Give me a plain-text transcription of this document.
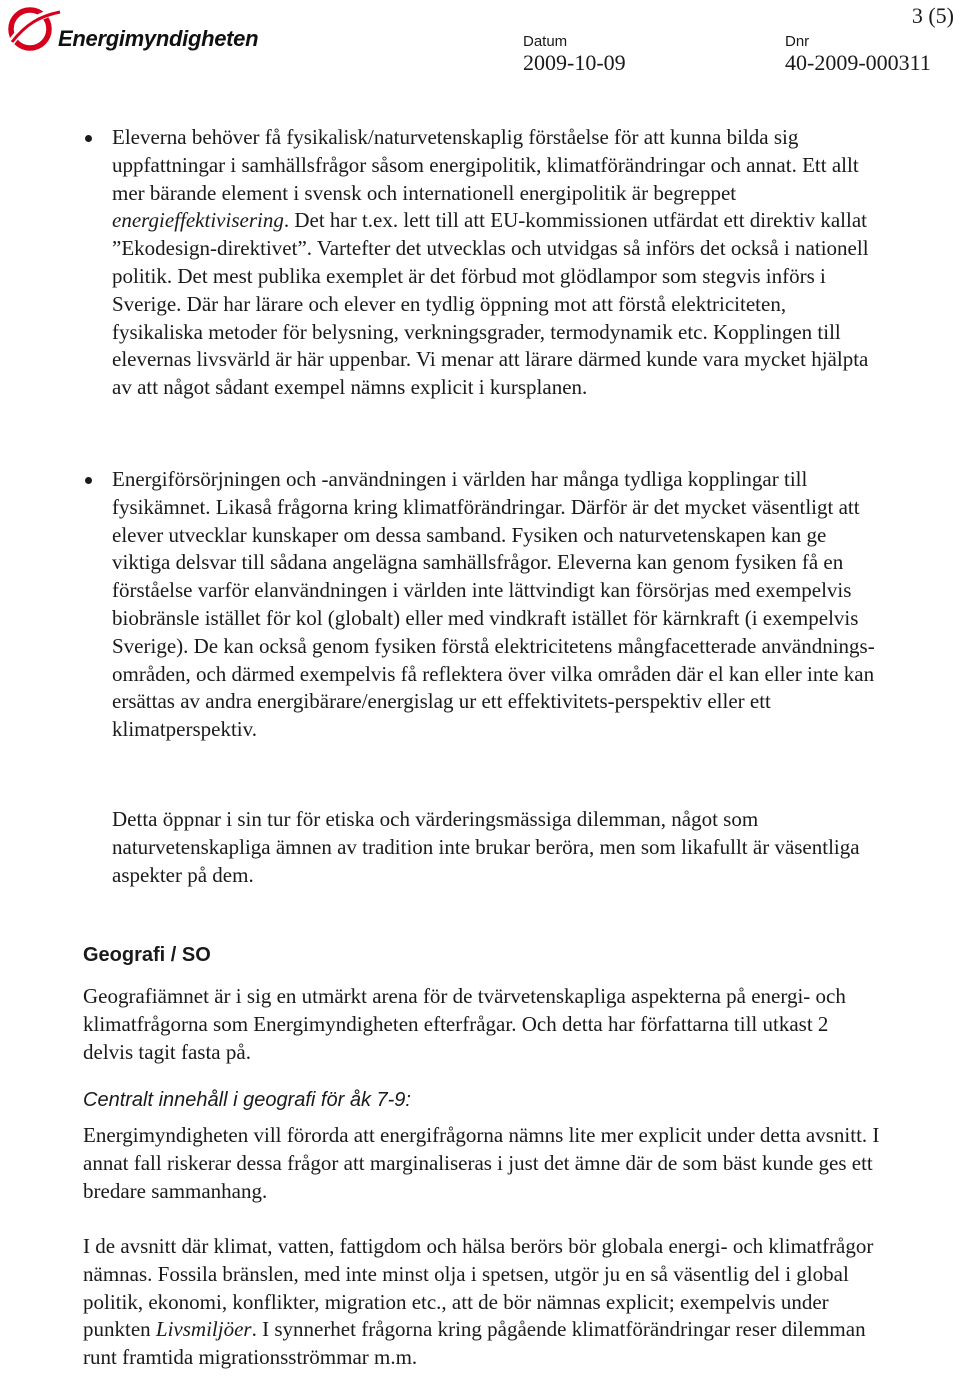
Energimyndigheten
3 (5)
Datum
2009-10-09
Dnr
40-2009-000311

Eleverna behöver få fysikalisk/naturvetenskaplig förståelse för att kunna bilda sig uppfattningar i samhällsfrågor såsom energipolitik, klimatförändringar och annat. Ett allt mer bärande element i svensk och internationell energipolitik är begreppet energieffektivisering. Det har t.ex. lett till att EU-kommissionen utfärdat ett direktiv kallat ”Ekodesign-direktivet”. Vartefter det utvecklas och utvidgas så införs det också i nationell politik. Det mest publika exemplet är det förbud mot glödlampor som stegvis införs i Sverige. Där har lärare och elever en tydlig öppning mot att förstå elektriciteten, fysikaliska metoder för belysning, verkningsgrader, termodynamik etc. Kopplingen till elevernas livsvärld är här uppenbar. Vi menar att lärare därmed kunde vara mycket hjälpta av att något sådant exempel nämns explicit i kursplanen.

Energiförsörjningen och -användningen i världen har många tydliga kopplingar till fysikämnet. Likaså frågorna kring klimatförändringar. Därför är det mycket väsentligt att elever utvecklar kunskaper om dessa samband. Fysiken och naturvetenskapen kan ge viktiga delsvar till sådana angelägna samhällsfrågor. Eleverna kan genom fysiken få en förståelse varför elanvändningen i världen inte lättvindigt kan försörjas med exempelvis biobränsle istället för kol (globalt) eller med vindkraft istället för kärnkraft (i exempelvis Sverige). De kan också genom fysiken förstå elektricitetens mångfacetterade användnings-områden, och därmed exempelvis få reflektera över vilka områden där el kan eller inte kan ersättas av andra energibärare/energislag ur ett effektivitets-perspektiv eller ett klimatperspektiv.

Detta öppnar i sin tur för etiska och värderingsmässiga dilemman, något som naturvetenskapliga ämnen av tradition inte brukar beröra, men som likafullt är väsentliga aspekter på dem.

Geografi / SO

Geografiämnet är i sig en utmärkt arena för de tvärvetenskapliga aspekterna på energi- och klimatfrågorna som Energimyndigheten efterfrågar. Och detta har författarna till utkast 2 delvis tagit fasta på.

Centralt innehåll i geografi för åk 7-9:

Energimyndigheten vill förorda att energifrågorna nämns lite mer explicit under detta avsnitt. I annat fall riskerar dessa frågor att marginaliseras i just det ämne där de som bäst kunde ges ett bredare sammanhang.

I de avsnitt där klimat, vatten, fattigdom och hälsa berörs bör globala energi- och klimatfrågor nämnas. Fossila bränslen, med inte minst olja i spetsen, utgör ju en så väsentlig del i global politik, ekonomi, konflikter, migration etc., att de bör nämnas explicit; exempelvis under punkten Livsmiljöer. I synnerhet frågorna kring pågående klimatförändringar reser dilemman runt framtida migrationsströmmar m.m.
